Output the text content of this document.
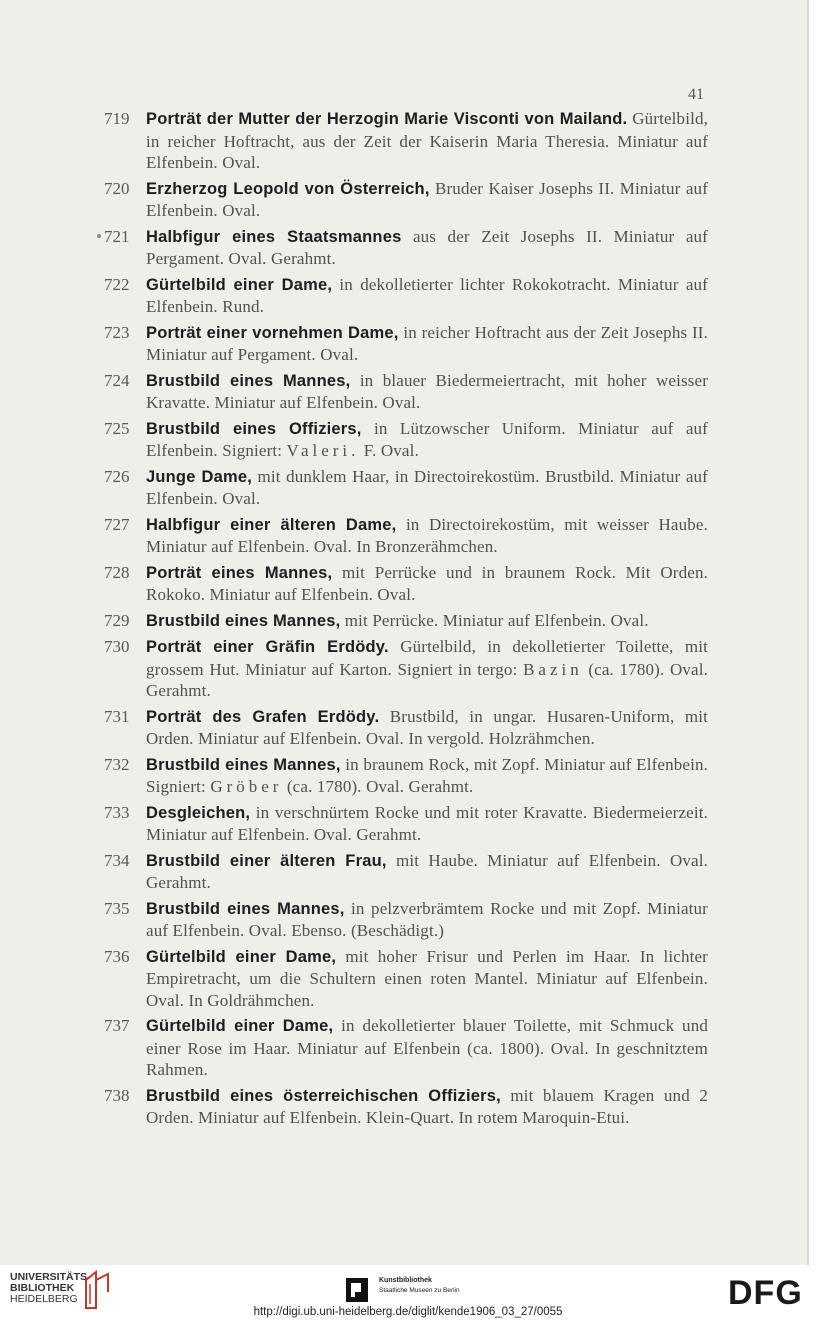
41
719 Porträt der Mutter der Herzogin Marie Visconti von Mailand. Gürtelbild, in reicher Hoftracht, aus der Zeit der Kaiserin Maria Theresia. Miniatur auf Elfenbein. Oval.
720 Erzherzog Leopold von Österreich, Bruder Kaiser Josephs II. Miniatur auf Elfenbein. Oval.
• 721 Halbfigur eines Staatsmannes aus der Zeit Josephs II. Miniatur auf Pergament. Oval. Gerahmt.
722 Gürtelbild einer Dame, in dekolletierter lichter Rokokotracht. Miniatur auf Elfenbein. Rund.
723 Porträt einer vornehmen Dame, in reicher Hoftracht aus der Zeit Josephs II. Miniatur auf Pergament. Oval.
724 Brustbild eines Mannes, in blauer Biedermeiertracht, mit hoher weisser Kravatte. Miniatur auf Elfenbein. Oval.
725 Brustbild eines Offiziers, in Lützowscher Uniform. Miniatur auf auf Elfenbein. Signiert: Valeri. F. Oval.
726 Junge Dame, mit dunklem Haar, in Directoirekostüm. Brustbild. Miniatur auf Elfenbein. Oval.
727 Halbfigur einer älteren Dame, in Directoirekostüm, mit weisser Haube. Miniatur auf Elfenbein. Oval. In Bronzerähmchen.
728 Porträt eines Mannes, mit Perrücke und in braunem Rock. Mit Orden. Rokoko. Miniatur auf Elfenbein. Oval.
729 Brustbild eines Mannes, mit Perrücke. Miniatur auf Elfenbein. Oval.
730 Porträt einer Gräfin Erdödy. Gürtelbild, in dekolletierter Toilette, mit grossem Hut. Miniatur auf Karton. Signiert in tergo: Bazin (ca. 1780). Oval. Gerahmt.
731 Porträt des Grafen Erdödy. Brustbild, in ungar. Husaren-Uniform, mit Orden. Miniatur auf Elfenbein. Oval. In vergold. Holzrähmchen.
732 Brustbild eines Mannes, in braunem Rock, mit Zopf. Miniatur auf Elfenbein. Signiert: Gröber (ca. 1780). Oval. Gerahmt.
733 Desgleichen, in verschnürtem Rocke und mit roter Kravatte. Biedermeierzeit. Miniatur auf Elfenbein. Oval. Gerahmt.
734 Brustbild einer älteren Frau, mit Haube. Miniatur auf Elfenbein. Oval. Gerahmt.
735 Brustbild eines Mannes, in pelzverbrämtem Rocke und mit Zopf. Miniatur auf Elfenbein. Oval. Ebenso. (Beschädigt.)
736 Gürtelbild einer Dame, mit hoher Frisur und Perlen im Haar. In lichter Empiretracht, um die Schultern einen roten Mantel. Miniatur auf Elfenbein. Oval. In Goldrähmchen.
737 Gürtelbild einer Dame, in dekolletierter blauer Toilette, mit Schmuck und einer Rose im Haar. Miniatur auf Elfenbein (ca. 1800). Oval. In geschnitztem Rahmen.
738 Brustbild eines österreichischen Offiziers, mit blauem Kragen und 2 Orden. Miniatur auf Elfenbein. Klein-Quart. In rotem Maroquin-Etui.
UNIVERSITÄTS-
BIBLIOTHEK
HEIDELBERG
Kunstbibliothek
Staatliche Museen zu Berlin	DFG
http://digi.ub.uni-heidelberg.de/diglit/kende1906_03_27/0055
